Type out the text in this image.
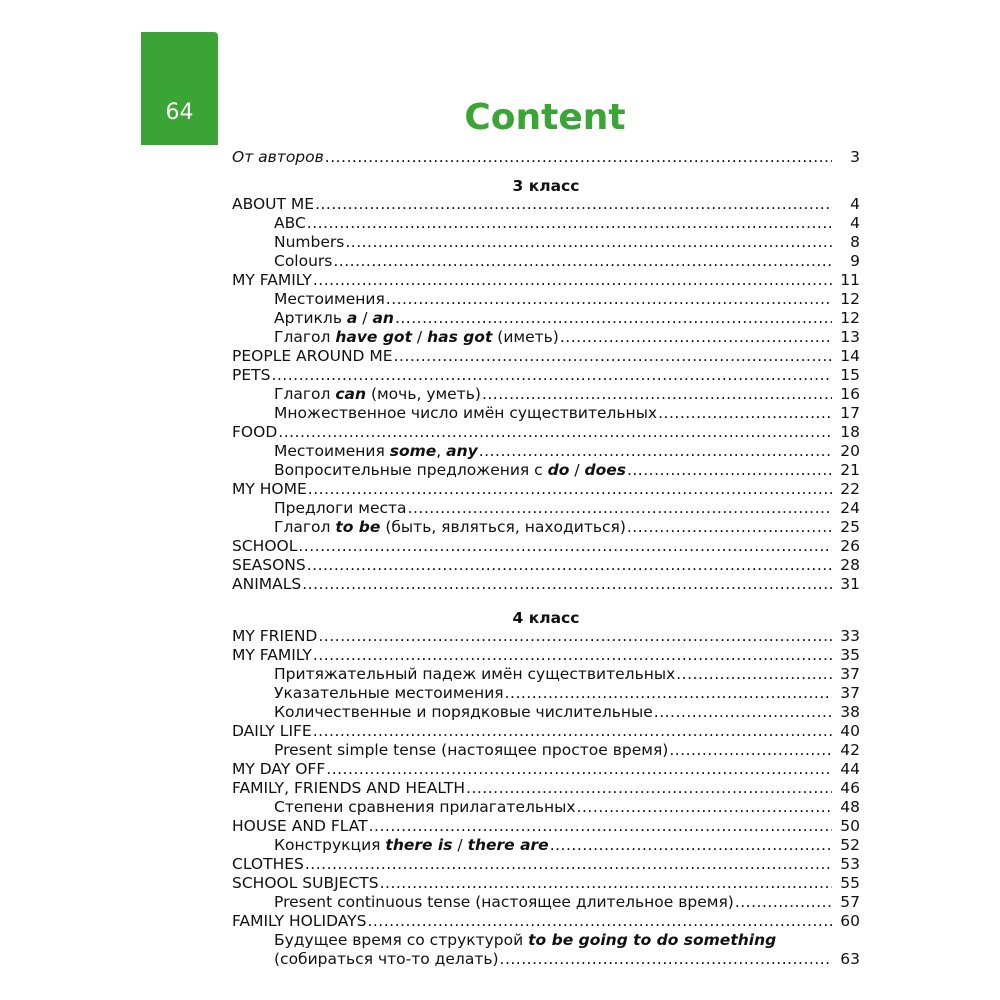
64	Content
От авторов .....	3
3 класс
ABOUT ME .....	4
ABC .....	4
Numbers .....	8
Colours .....	9
MY FAMILY .....	11
Местоимения .....	12
Артикль a / an .....	12
Глагол have got / has got (иметь) .....	13
PEOPLE AROUND ME .....	14
PETS .....	15
Глагол can (мочь, уметь) .....	16
Множественное число имён существительных .....	17
FOOD .....	18
Местоимения some, any .....	20
Вопросительные предложения с do / does .....	21
MY HOME .....	22
Предлоги места .....	24
Глагол to be (быть, являться, находиться) .....	25
SCHOOL .....	26
SEASONS .....	28
ANIMALS .....	31
4 класс
MY FRIEND .....	33
MY FAMILY .....	35
Притяжательный падеж имён существительных .....	37
Указательные местоимения .....	37
Количественные и порядковые числительные .....	38
DAILY LIFE .....	40
Present simple tense (настоящее простое время) .....	42
MY DAY OFF .....	44
FAMILY, FRIENDS AND HEALTH .....	46
Степени сравнения прилагательных .....	48
HOUSE AND FLAT .....	50
Конструкция there is / there are .....	52
CLOTHES .....	53
SCHOOL SUBJECTS .....	55
Present continuous tense (настоящее длительное время) .....	57
FAMILY HOLIDAYS .....	60
Будущее время со структурой to be going to do something
(собираться что-то делать) .....	63
